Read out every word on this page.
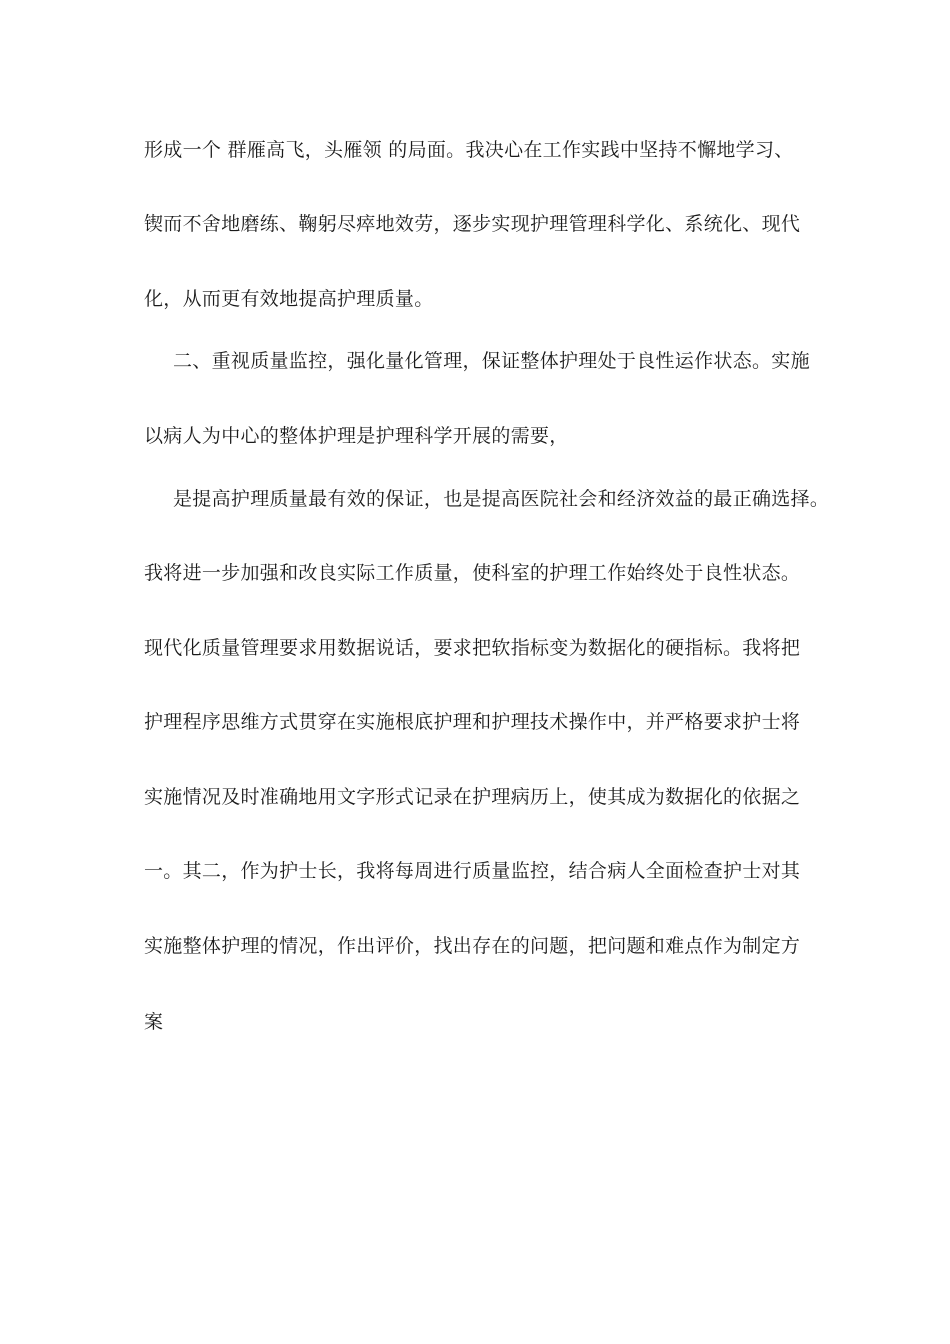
形成一个 群雁高飞，头雁领 的局面。我决心在工作实践中坚持不懈地学习、
锲而不舍地磨练、鞠躬尽瘁地效劳，逐步实现护理管理科学化、系统化、现代
化，从而更有效地提高护理质量。
二、重视质量监控，强化量化管理，保证整体护理处于良性运作状态。实施
以病人为中心的整体护理是护理科学开展的需要，
是提高护理质量最有效的保证，也是提高医院社会和经济效益的最正确选择。
我将进一步加强和改良实际工作质量，使科室的护理工作始终处于良性状态。
现代化质量管理要求用数据说话，要求把软指标变为数据化的硬指标。我将把
护理程序思维方式贯穿在实施根底护理和护理技术操作中，并严格要求护士将
实施情况及时准确地用文字形式记录在护理病历上，使其成为数据化的依据之
一。其二，作为护士长，我将每周进行质量监控，结合病人全面检查护士对其
实施整体护理的情况，作出评价，找出存在的问题，把问题和难点作为制定方
案
